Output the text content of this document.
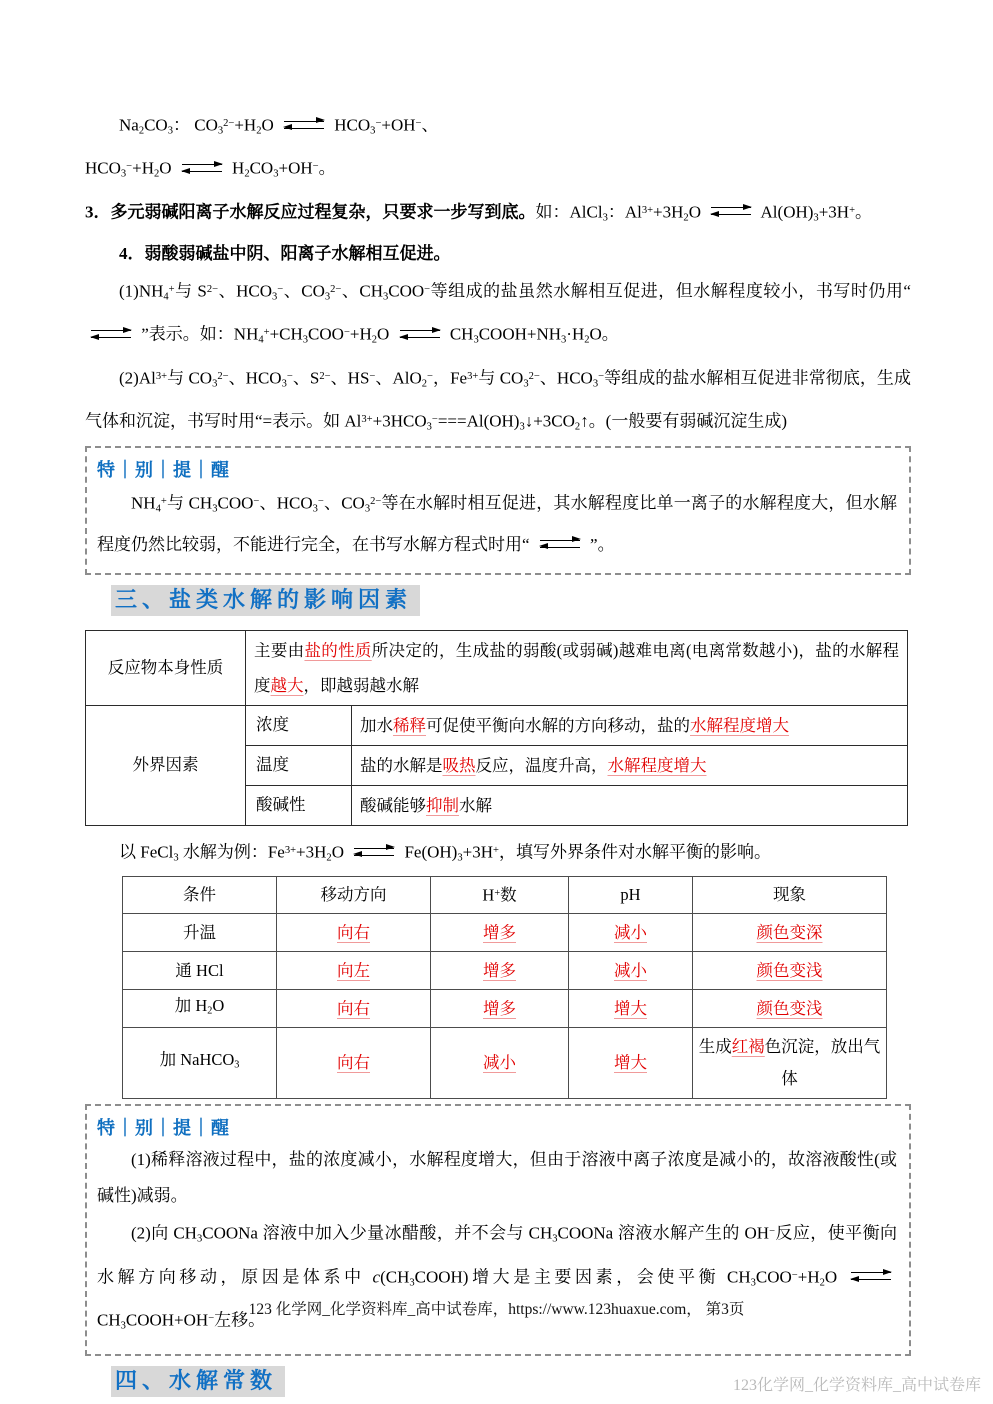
$Na_2CO_3$： $CO_3^{2-}+H_2O$ ⇌ $HCO_3^-+OH^-$、

$HCO_3^-+H_2O$ ⇌ $H_2CO_3+OH^-$。

3．多元弱碱阳离子水解反应过程复杂，只要求一步写到底。如：AlCl$_3$：$Al^{3+}+3H_2O$ ⇌ $Al(OH)_3+3H^+$。

4．弱酸弱碱盐中阴、阳离子水解相互促进。

$(1)NH_4^+$与 $S^{2-}$、$HCO_3^-$、$CO_3^{2-}$、$CH_3COO^-$等组成的盐虽然水解相互促进，但水解程度较小，书写时仍用“
⇌ ”表示。如：$NH_4^++CH_3COO^-+H_2O$ ⇌ $CH_3COOH+NH_3\cdot H_2O$。

$(2)Al^{3+}$与 $CO_3^{2-}$、$HCO_3^-$、$S^{2-}$、HS−、AlO$_2$−，$Fe^{3+}$与 $CO_3^{2-}$、$HCO_3^-$等组成的盐水解相互促进非常彻底，生成气体和沉淀，书写时用“=表示。如 $Al^{3+}+3HCO_3^-===Al(OH)_3↓+3CO_2↑$。(一般要有弱碱沉淀生成)

特｜别｜提｜醒

$NH_4^+$与 $CH_3COO^-$、$HCO_3^-$、$CO_3^{2-}$等在水解时相互促进，其水解程度比单一离子的水解程度大，但水解程度仍然比较弱，不能进行完全，在书写水解方程式时用“ ⇌ ”。

三、盐类水解的影响因素
反应物本身性质	主要由盐的性质所决定的，生成盐的弱酸(或弱碱)越难电离(电离常数越小)，盐的水解程度越大，即越弱越水解	
外界因素	浓度	加水稀释可促使平衡向水解的方向移动，盐的水解程度增大
	温度	盐的水解是吸热反应，温度升高，水解程度增大
	酸碱性	酸碱能够抑制水解

以 FeCl$_3$ 水解为例：$Fe^{3+}+3H_2O$ ⇌ $Fe(OH)_3+3H^+$，填写外界条件对水解平衡的影响。

条件	移动方向	H+数	pH	现象
升温	向右	增多	减小	颜色变深
通 HCl	向左	增多	减小	颜色变浅
加 $H_2O$	向右	增多	增大	颜色变浅
加 NaHCO$_3$	向右	减小	增大	生成红褐色沉淀，放出气体
特｜别｜提｜醒

(1)稀释溶液过程中，盐的浓度减小，水解程度增大，但由于溶液中离子浓度是减小的，故溶液酸性(或碱性)减弱。

(2)向 $CH_3COONa$ 溶液中加入少量冰醋酸，并不会与 $CH_3COONa$ 溶液水解产生的 OH−反应，使平衡向水解方向移动，原因是体系中 $c(CH_3COOH)$增大是主要因素，会使平衡 $CH_3COO^-+H_2O$ ⇌ $CH_3COOH+OH^-$左移。

四、水解常数
123 化学网_化学资料库_高中试卷库，https://www.123huaxue.com， 第3页
123化学网_化学资料库_高中试卷库
